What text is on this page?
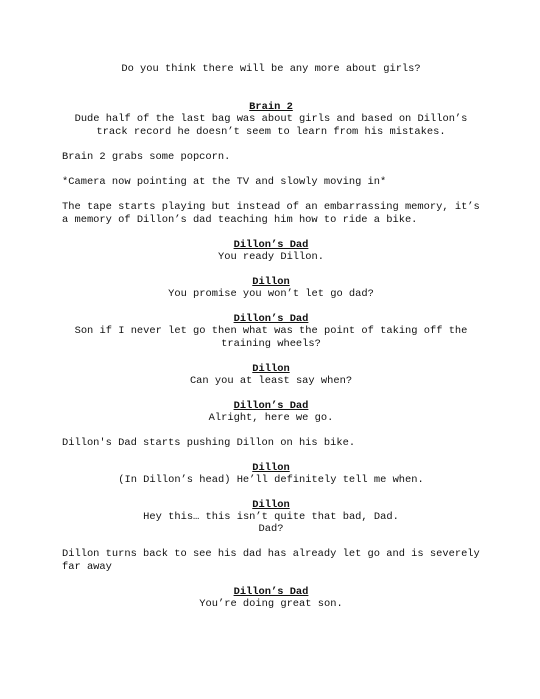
Do you think there will be any more about girls?

Brain 2

Dude half of the last bag was about girls and based on Dillon’s track record he doesn’t seem to learn from his mistakes.

Brain 2 grabs some popcorn.

*Camera now pointing at the TV and slowly moving in*

The tape starts playing but instead of an embarrassing memory, it’s a memory of Dillon’s dad teaching him how to ride a bike.

Dillon’s Dad

You ready Dillon.

Dillon

You promise you won’t let go dad?

Dillon’s Dad

Son if I never let go then what was the point of taking off the training wheels?

Dillon

Can you at least say when?

Dillon’s Dad

Alright, here we go.

Dillon's Dad starts pushing Dillon on his bike.

Dillon

(In Dillon’s head) He’ll definitely tell me when.

Dillon

Hey this… this isn’t quite that bad, Dad.

Dad?

Dillon turns back to see his dad has already let go and is severely far away

Dillon’s Dad

You’re doing great son.
